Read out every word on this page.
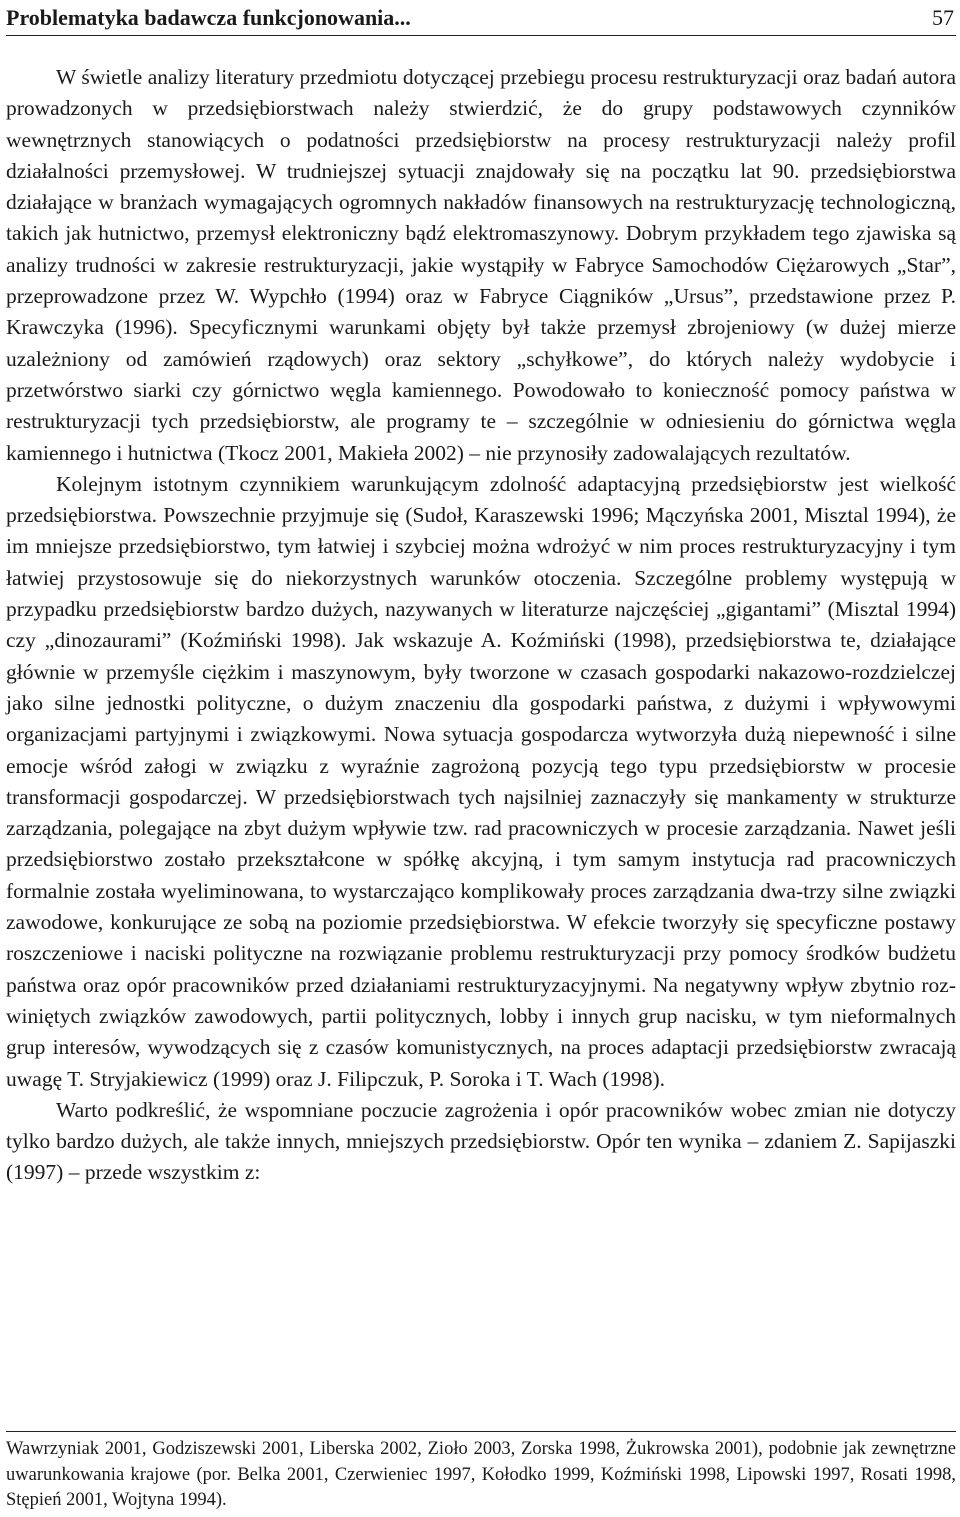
Problematyka badawcza funkcjonowania...	57

W świetle analizy literatury przedmiotu dotyczącej przebiegu procesu restrukturyzacji oraz badań autora prowadzonych w przedsiębiorstwach należy stwierdzić, że do grupy podstawowych czynników wewnętrznych stanowiących o podatności przedsiębiorstw na procesy restrukturyzacji należy profil działalności przemysłowej. W trudniejszej sytuacji znajdowały się na początku lat 90. przedsiębiorstwa działające w branżach wymagających ogromnych nakładów finansowych na restrukturyzację technologiczną, takich jak hutnictwo, przemysł elektroniczny bądź elektromaszynowy. Dobrym przykładem tego zjawiska są analizy trudności w zakresie restrukturyzacji, jakie wystąpiły w Fabryce Samochodów Ciężarowych „Star”, przeprowadzone przez W. Wypchło (1994) oraz w Fabryce Ciągników „Ursus”, przedstawione przez P. Krawczyka (1996). Specyficznymi warunkami objęty był także przemysł zbrojeniowy (w dużej mierze uzależniony od zamówień rządowych) oraz sektory „schyłkowe”, do których należy wydobycie i przetwórstwo siarki czy górnictwo węgla kamiennego. Powodowało to konieczność pomocy państwa w restrukturyzacji tych przedsiębiorstw, ale programy te – szczególnie w odniesieniu do górnictwa węgla kamiennego i hutnictwa (Tkocz 2001, Makieła 2002) – nie przynosiły zadowalających rezultatów.

Kolejnym istotnym czynnikiem warunkującym zdolność adaptacyjną przedsiębiorstw jest wielkość przedsiębiorstwa. Powszechnie przyjmuje się (Sudoł, Karaszewski 1996; Mączyńska 2001, Misztal 1994), że im mniejsze przedsiębiorstwo, tym łatwiej i szybciej można wdrożyć w nim proces restrukturyzacyjny i tym łatwiej przystosowuje się do niekorzystnych warunków otoczenia. Szczególne problemy występują w przypadku przedsiębiorstw bardzo dużych, nazywanych w literaturze najczęściej „gigantami” (Misztal 1994) czy „dinozaurami” (Koźmiński 1998). Jak wskazuje A. Koźmiński (1998), przedsiębiorstwa te, działające głównie w przemyśle ciężkim i maszynowym, były tworzone w czasach gospodarki nakazowo-rozdzielczej jako silne jednostki polityczne, o dużym znaczeniu dla gospodarki państwa, z dużymi i wpływowymi organizacjami partyjnymi i związkowymi. Nowa sytuacja gospodarcza wytworzyła dużą niepewność i silne emocje wśród załogi w związku z wyraźnie zagrożoną pozycją tego typu przedsiębiorstw w procesie transformacji gospodarczej. W przedsiębiorstwach tych najsilniej zaznaczyły się mankamenty w strukturze zarządzania, polegające na zbyt dużym wpływie tzw. rad pracowniczych w procesie zarządzania. Nawet jeśli przedsiębiorstwo zostało przekształcone w spółkę akcyjną, i tym samym instytucja rad pracowniczych formalnie została wyeliminowana, to wystarczająco komplikowały proces zarządzania dwa-trzy silne związki zawodowe, konkurujące ze sobą na poziomie przedsiębiorstwa. W efekcie tworzyły się specyficzne postawy roszczeniowe i naciski polityczne na rozwiązanie problemu restrukturyzacji przy pomocy środków budżetu państwa oraz opór pracowników przed działaniami restrukturyzacyjnymi. Na negatywny wpływ zbytnio rozwiniętych związków zawodowych, partii politycznych, lobby i innych grup nacisku, w tym nieformalnych grup interesów, wywodzących się z czasów komunistycznych, na proces adaptacji przedsiębiorstw zwracają uwagę T. Stryjakiewicz (1999) oraz J. Filipczuk, P. Soroka i T. Wach (1998).

Warto podkreślić, że wspomniane poczucie zagrożenia i opór pracowników wobec zmian nie dotyczy tylko bardzo dużych, ale także innych, mniejszych przedsiębiorstw. Opór ten wynika – zdaniem Z. Sapijaszki (1997) – przede wszystkim z:

Wawrzyniak 2001, Godziszewski 2001, Liberska 2002, Zioło 2003, Zorska 1998, Żukrowska 2001), podobnie jak zewnętrzne uwarunkowania krajowe (por. Belka 2001, Czerwieniec 1997, Kołodko 1999, Koźmiński 1998, Lipowski 1997, Rosati 1998, Stępień 2001, Wojtyna 1994).
